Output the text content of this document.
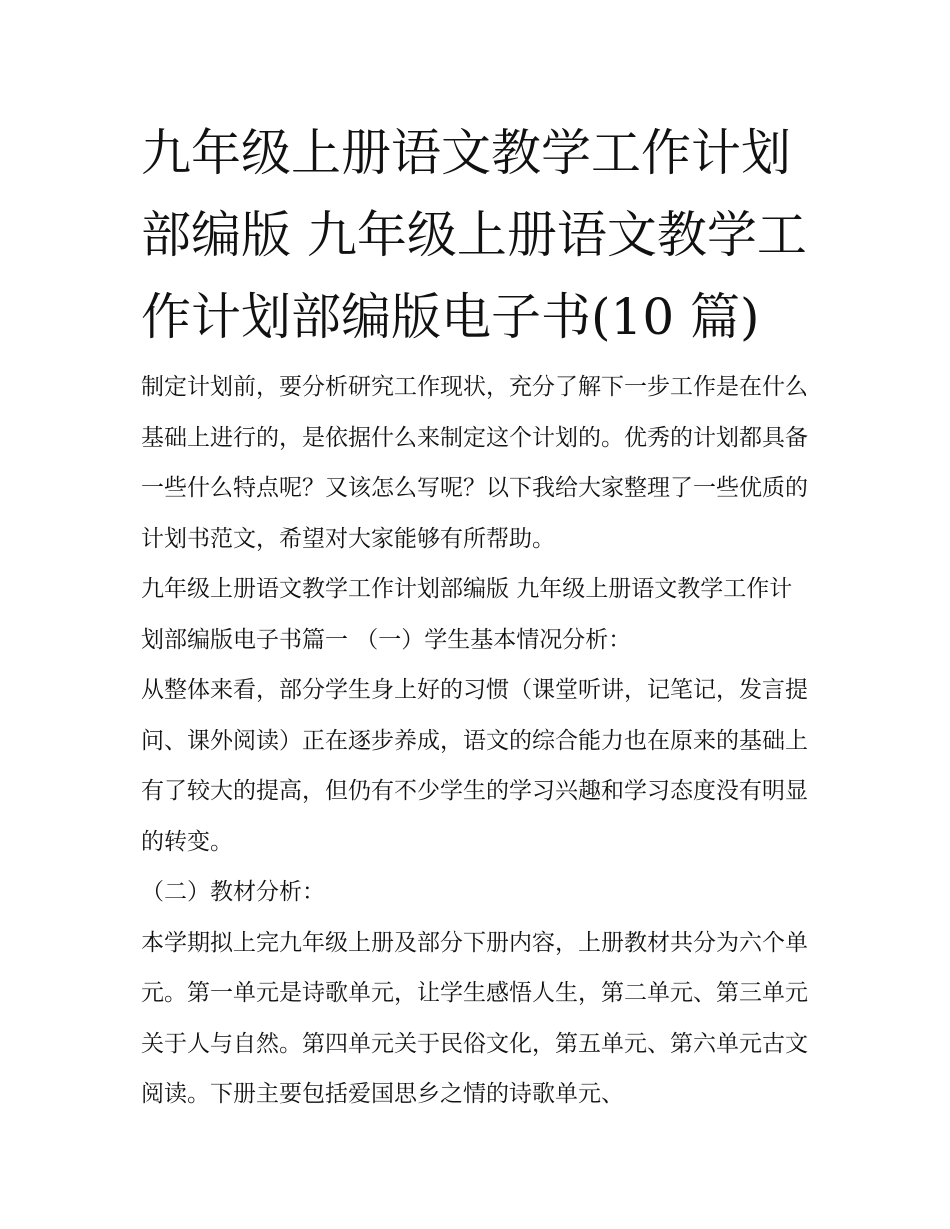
九年级上册语文教学工作计划部编版 九年级上册语文教学工作计划部编版电子书(10 篇)

制定计划前，要分析研究工作现状，充分了解下一步工作是在什么基础上进行的，是依据什么来制定这个计划的。优秀的计划都具备一些什么特点呢？又该怎么写呢？以下我给大家整理了一些优质的计划书范文，希望对大家能够有所帮助。

九年级上册语文教学工作计划部编版 九年级上册语文教学工作计划部编版电子书篇一 （一）学生基本情况分析：

从整体来看，部分学生身上好的习惯（课堂听讲，记笔记，发言提问、课外阅读）正在逐步养成，语文的综合能力也在原来的基础上有了较大的提高，但仍有不少学生的学习兴趣和学习态度没有明显的转变。

（二）教材分析：

本学期拟上完九年级上册及部分下册内容，上册教材共分为六个单元。第一单元是诗歌单元，让学生感悟人生，第二单元、第三单元关于人与自然。第四单元关于民俗文化，第五单元、第六单元古文阅读。下册主要包括爱国思乡之情的诗歌单元、
